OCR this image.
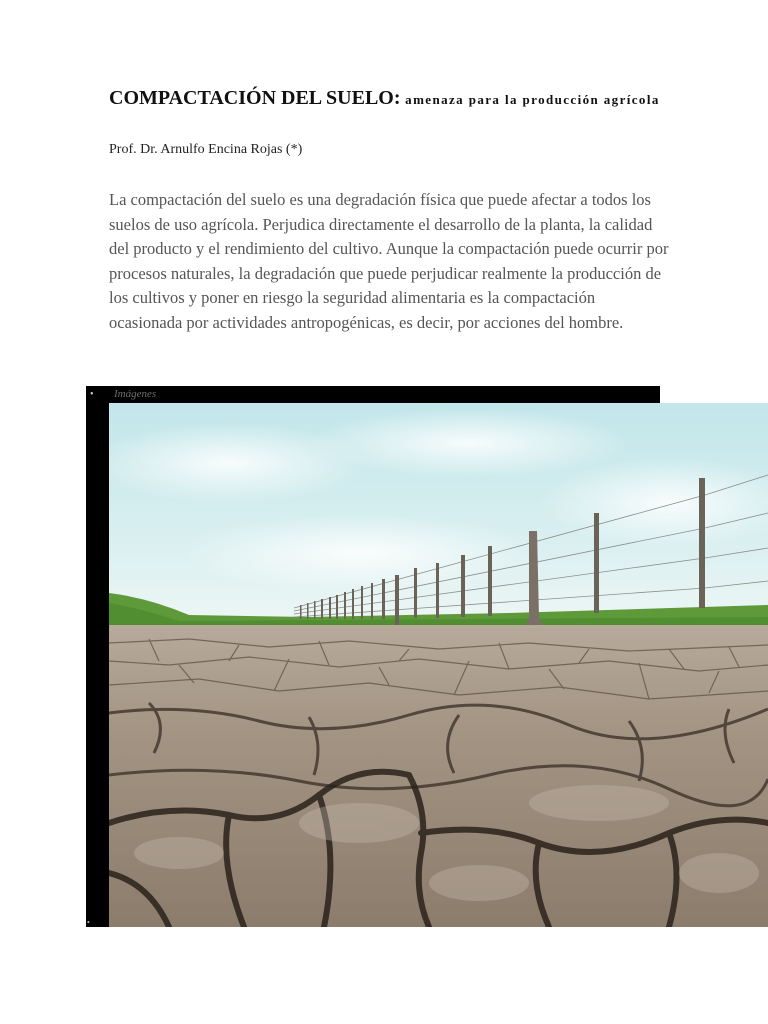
COMPACTACIÓN DEL SUELO: amenaza para la producción agrícola
Prof. Dr. Arnulfo Encina Rojas (*)

La compactación del suelo es una degradación física que puede afectar a todos los suelos de uso agrícola. Perjudica directamente el desarrollo de la planta, la calidad del producto y el rendimiento del cultivo. Aunque la compactación puede ocurrir por procesos naturales, la degradación que puede perjudicar realmente la producción de los cultivos y poner en riesgo la seguridad alimentaria es la compactación ocasionada por actividades antropogénicas, es decir, por acciones del hombre.

• Imágenes
•
